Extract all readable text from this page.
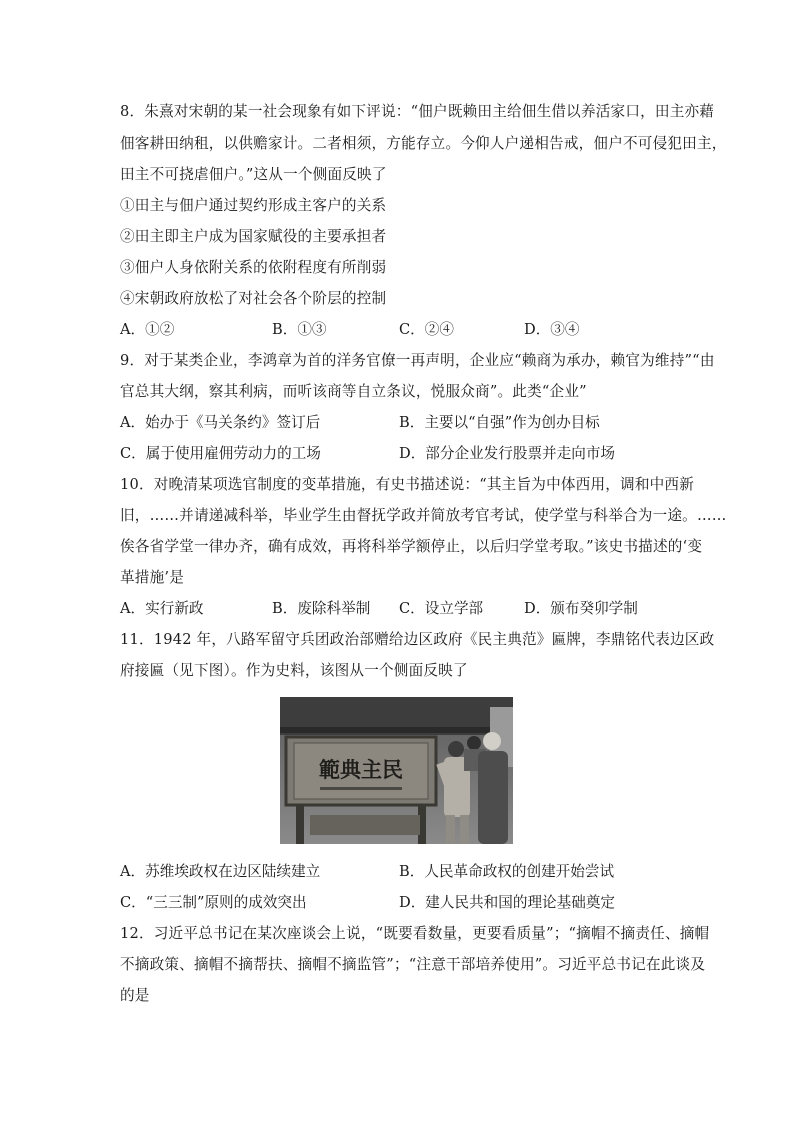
8．朱熹对宋朝的某一社会现象有如下评说：“佃户既赖田主给佃生借以养活家口，田主亦藉
佃客耕田纳租，以供赡家计。二者相须，方能存立。今仰人户递相告戒，佃户不可侵犯田主，
田主不可挠虐佃户。”这从一个侧面反映了
①田主与佃户通过契约形成主客户的关系
②田主即主户成为国家赋役的主要承担者
③佃户人身依附关系的依附程度有所削弱
④宋朝政府放松了对社会各个阶层的控制
A．①②	B．①③	C．②④	D．③④
9．对于某类企业，李鸿章为首的洋务官僚一再声明，企业应“赖商为承办，赖官为维持”“由
官总其大纲，察其利病，而听该商等自立条议，悦服众商”。此类“企业”
A．始办于《马关条约》签订后	B．主要以“自强”作为创办目标
C．属于使用雇佣劳动力的工场	D．部分企业发行股票并走向市场
10．对晚清某项选官制度的变革措施，有史书描述说：“其主旨为中体西用，调和中西新
旧，……并请递减科举，毕业学生由督抚学政并简放考官考试，使学堂与科举合为一途。……
俟各省学堂一律办齐，确有成效，再将科举学额停止，以后归学堂考取。”该史书描述的‘变
革措施’是
A．实行新政	B．废除科举制 C．设立学部	D．颁布癸卯学制
11．1942 年，八路军留守兵团政治部赠给边区政府《民主典范》匾牌，李鼎铭代表边区政
府接匾（见下图）。作为史料，该图从一个侧面反映了
範典主民
A．苏维埃政权在边区陆续建立	B．人民革命政权的创建开始尝试
C．“三三制”原则的成效突出	D．建人民共和国的理论基础奠定
12．习近平总书记在某次座谈会上说，“既要看数量，更要看质量”；“摘帽不摘责任、摘帽
不摘政策、摘帽不摘帮扶、摘帽不摘监管”；“注意干部培养使用”。习近平总书记在此谈及
的是
